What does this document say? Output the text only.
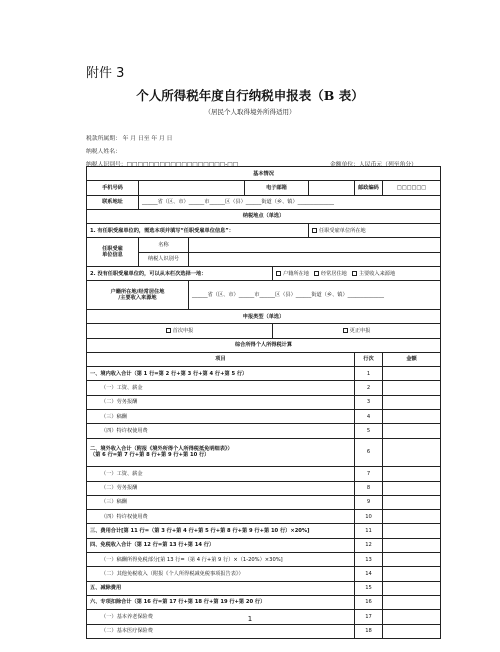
附件 3
个人所得税年度自行纳税申报表（B 表）
（居民个人取得境外所得适用）
税款所属期： 年 月 日至 年 月 日
纳税人姓名：
纳税人识别号：□□□□□□□□□□□□□□□□□□-□□	金额单位：人民币元（列至角分）
基本情况							
手机号码			电子邮箱			邮政编码	□□□□□□
联系地址	______省（区、市）______市______区（县）______街道（乡、镇）______________						
纳税地点（单选）							
1. 有任职受雇单位的，需选本项并填写“任职受雇单位信息”：					任职受雇单位所在地		
任职受雇
单位信息	名称						
	纳税人识别号						
2. 没有任职受雇单位的，可以从本栏次选择一地：				户籍所在地 经常居住地 主要收入来源地			
户籍所在地/经常居住地
/主要收入来源地		______省（区、市）______市______区（县）______街道（乡、镇）______________					
申报类型（单选）							
首次申报				更正申报			
综合所得个人所得税计算							
项目						行次	金额
一、境内收入合计（第 1 行=第 2 行+第 3 行+第 4 行+第 5 行）						1	
（一）工资、薪金						2	
（二）劳务报酬						3	
（三）稿酬						4	
（四）特许权使用费						5	
二、境外收入合计（附报《境外所得个人所得税抵免明细表》）
（第 6 行=第 7 行+第 8 行+第 9 行+第 10 行）						6	
（一）工资、薪金						7	
（二）劳务报酬						8	
（三）稿酬						9	
（四）特许权使用费						10	
三、费用合计[第 11 行=（第 3 行+第 4 行+第 5 行+第 8 行+第 9 行+第 10 行）×20%]						11	
四、免税收入合计（第 12 行=第 13 行+第 14 行）						12	
（一）稿酬所得免税部分[第 13 行=（第 4 行+第 9 行）×（1-20%）×30%]						13	
（二）其他免税收入（附报《个人所得税减免税事项报告表》）						14	
五、减除费用						15	
六、专项扣除合计（第 16 行=第 17 行+第 18 行+第 19 行+第 20 行）						16	
（一）基本养老保险费						17	
（二）基本医疗保险费						18	
1
